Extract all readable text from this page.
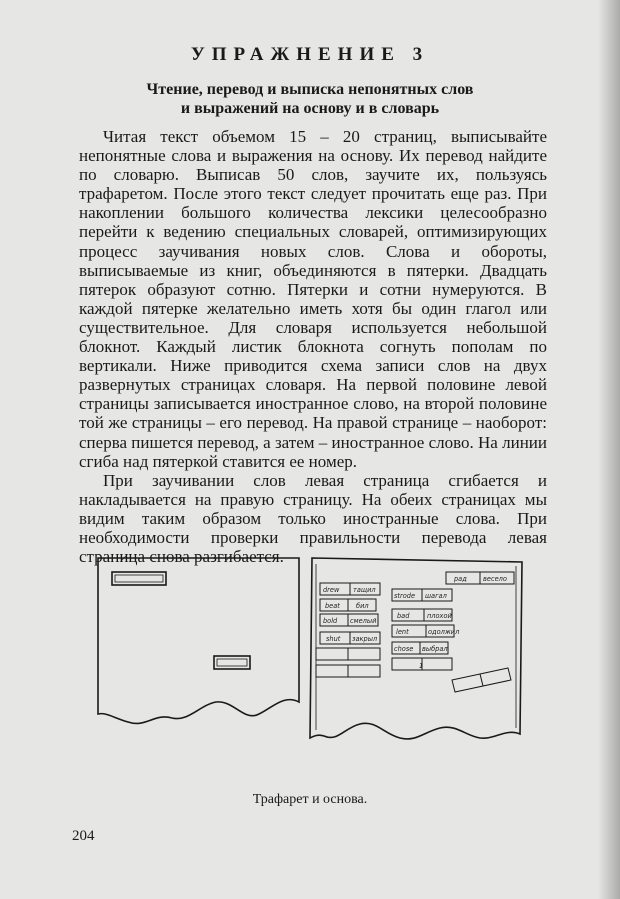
УПРАЖНЕНИЕ 3
Чтение, перевод и выписка непонятных слов
и выражений на основу и в словарь

Читая текст объемом 15 – 20 страниц, выписывайте непонятные слова и выражения на основу. Их перевод найдите по словарю. Выписав 50 слов, заучите их, пользуясь трафаретом. После этого текст следует прочитать еще раз. При накоплении большого количества лексики целесообразно перейти к ведению специальных словарей, оптимизирующих процесс заучивания новых слов. Слова и обороты, выписываемые из книг, объединяются в пятерки. Двадцать пятерок образуют сотню. Пятерки и сотни нумеруются. В каждой пятерке желательно иметь хотя бы один глагол или существительное. Для словаря используется небольшой блокнот. Каждый листик блокнота согнуть пополам по вертикали. Ниже приводится схема записи слов на двух развернутых страницах словаря. На первой половине левой страницы записывается иностранное слово, на второй половине той же страницы – его перевод. На правой странице – наоборот: сперва пишется перевод, а затем – иностранное слово. На линии сгиба над пятеркой ставится ее номер.

При заучивании слов левая страница сгибается и накладывается на правую страницу. На обеих страницах мы видим таким образом только иностранные слова. При необходимости проверки правильности перевода левая страница снова разгибается.

drew тащил
beat бил
bold смелый
shut закрыл
strode шагал
bad	плохой
lent	одолжил
chose выбрал
рад весело
1
Трафарет и основа.
204
